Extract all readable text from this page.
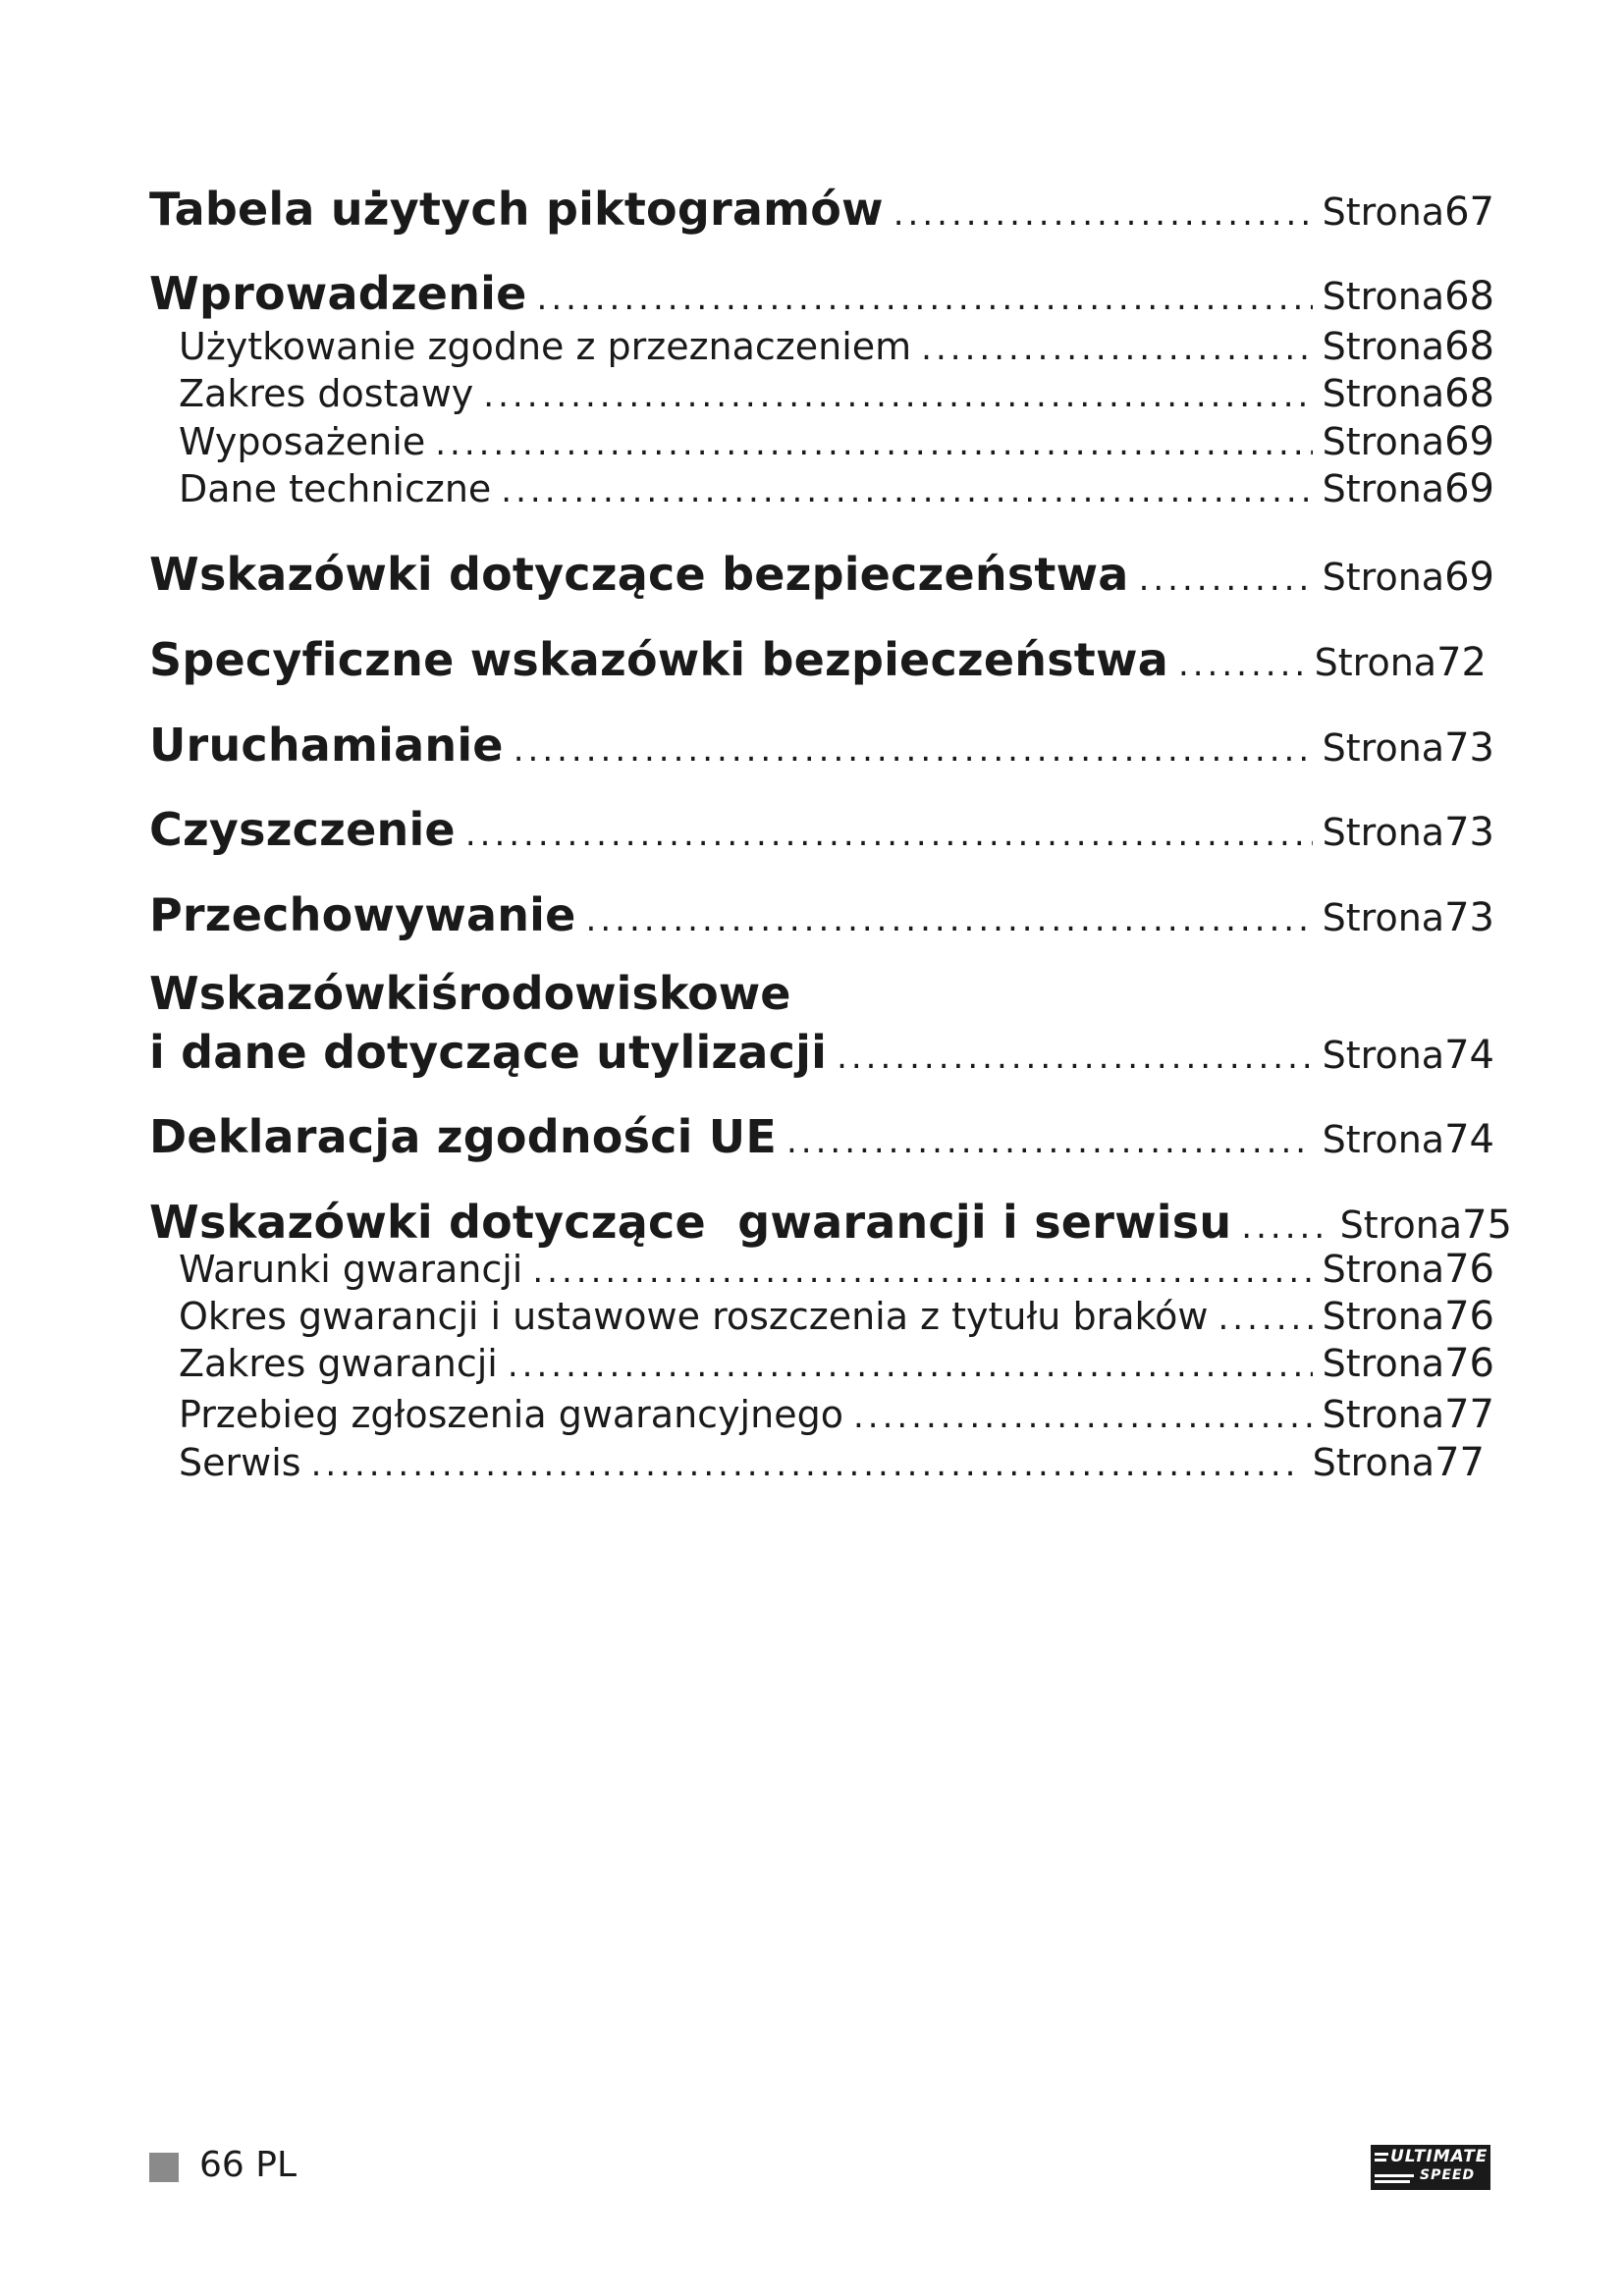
Tabela użytych piktogramów .....	Strona 67
Wprowadzenie .....	Strona 68
Użytkowanie zgodne z przeznaczeniem .....	Strona 68
Zakres dostawy .....	Strona 68
Wyposażenie .....	Strona 69
Dane techniczne .....	Strona 69
Wskazówki dotyczące bezpieczeństwa .....	Strona 69
Specyficzne wskazówki bezpieczeństwa .....	Strona 72
Uruchamianie .....	Strona 73
Czyszczenie .....	Strona 73
Przechowywanie .....	Strona 73
Wskazówkiśrodowiskowe
i dane dotyczące utylizacji .....	Strona 74
Deklaracja zgodności UE .....	Strona 74
Wskazówki dotyczące  gwarancji i serwisu .....	Strona 75
Warunki gwarancji .....	Strona 76
Okres gwarancji i ustawowe roszczenia z tytułu braków .....	Strona 76
Zakres gwarancji .....	Strona 76
Przebieg zgłoszenia gwarancyjnego .....	Strona 77
Serwis .....	Strona 77
66 PL	ULTIMATE
SPEED
